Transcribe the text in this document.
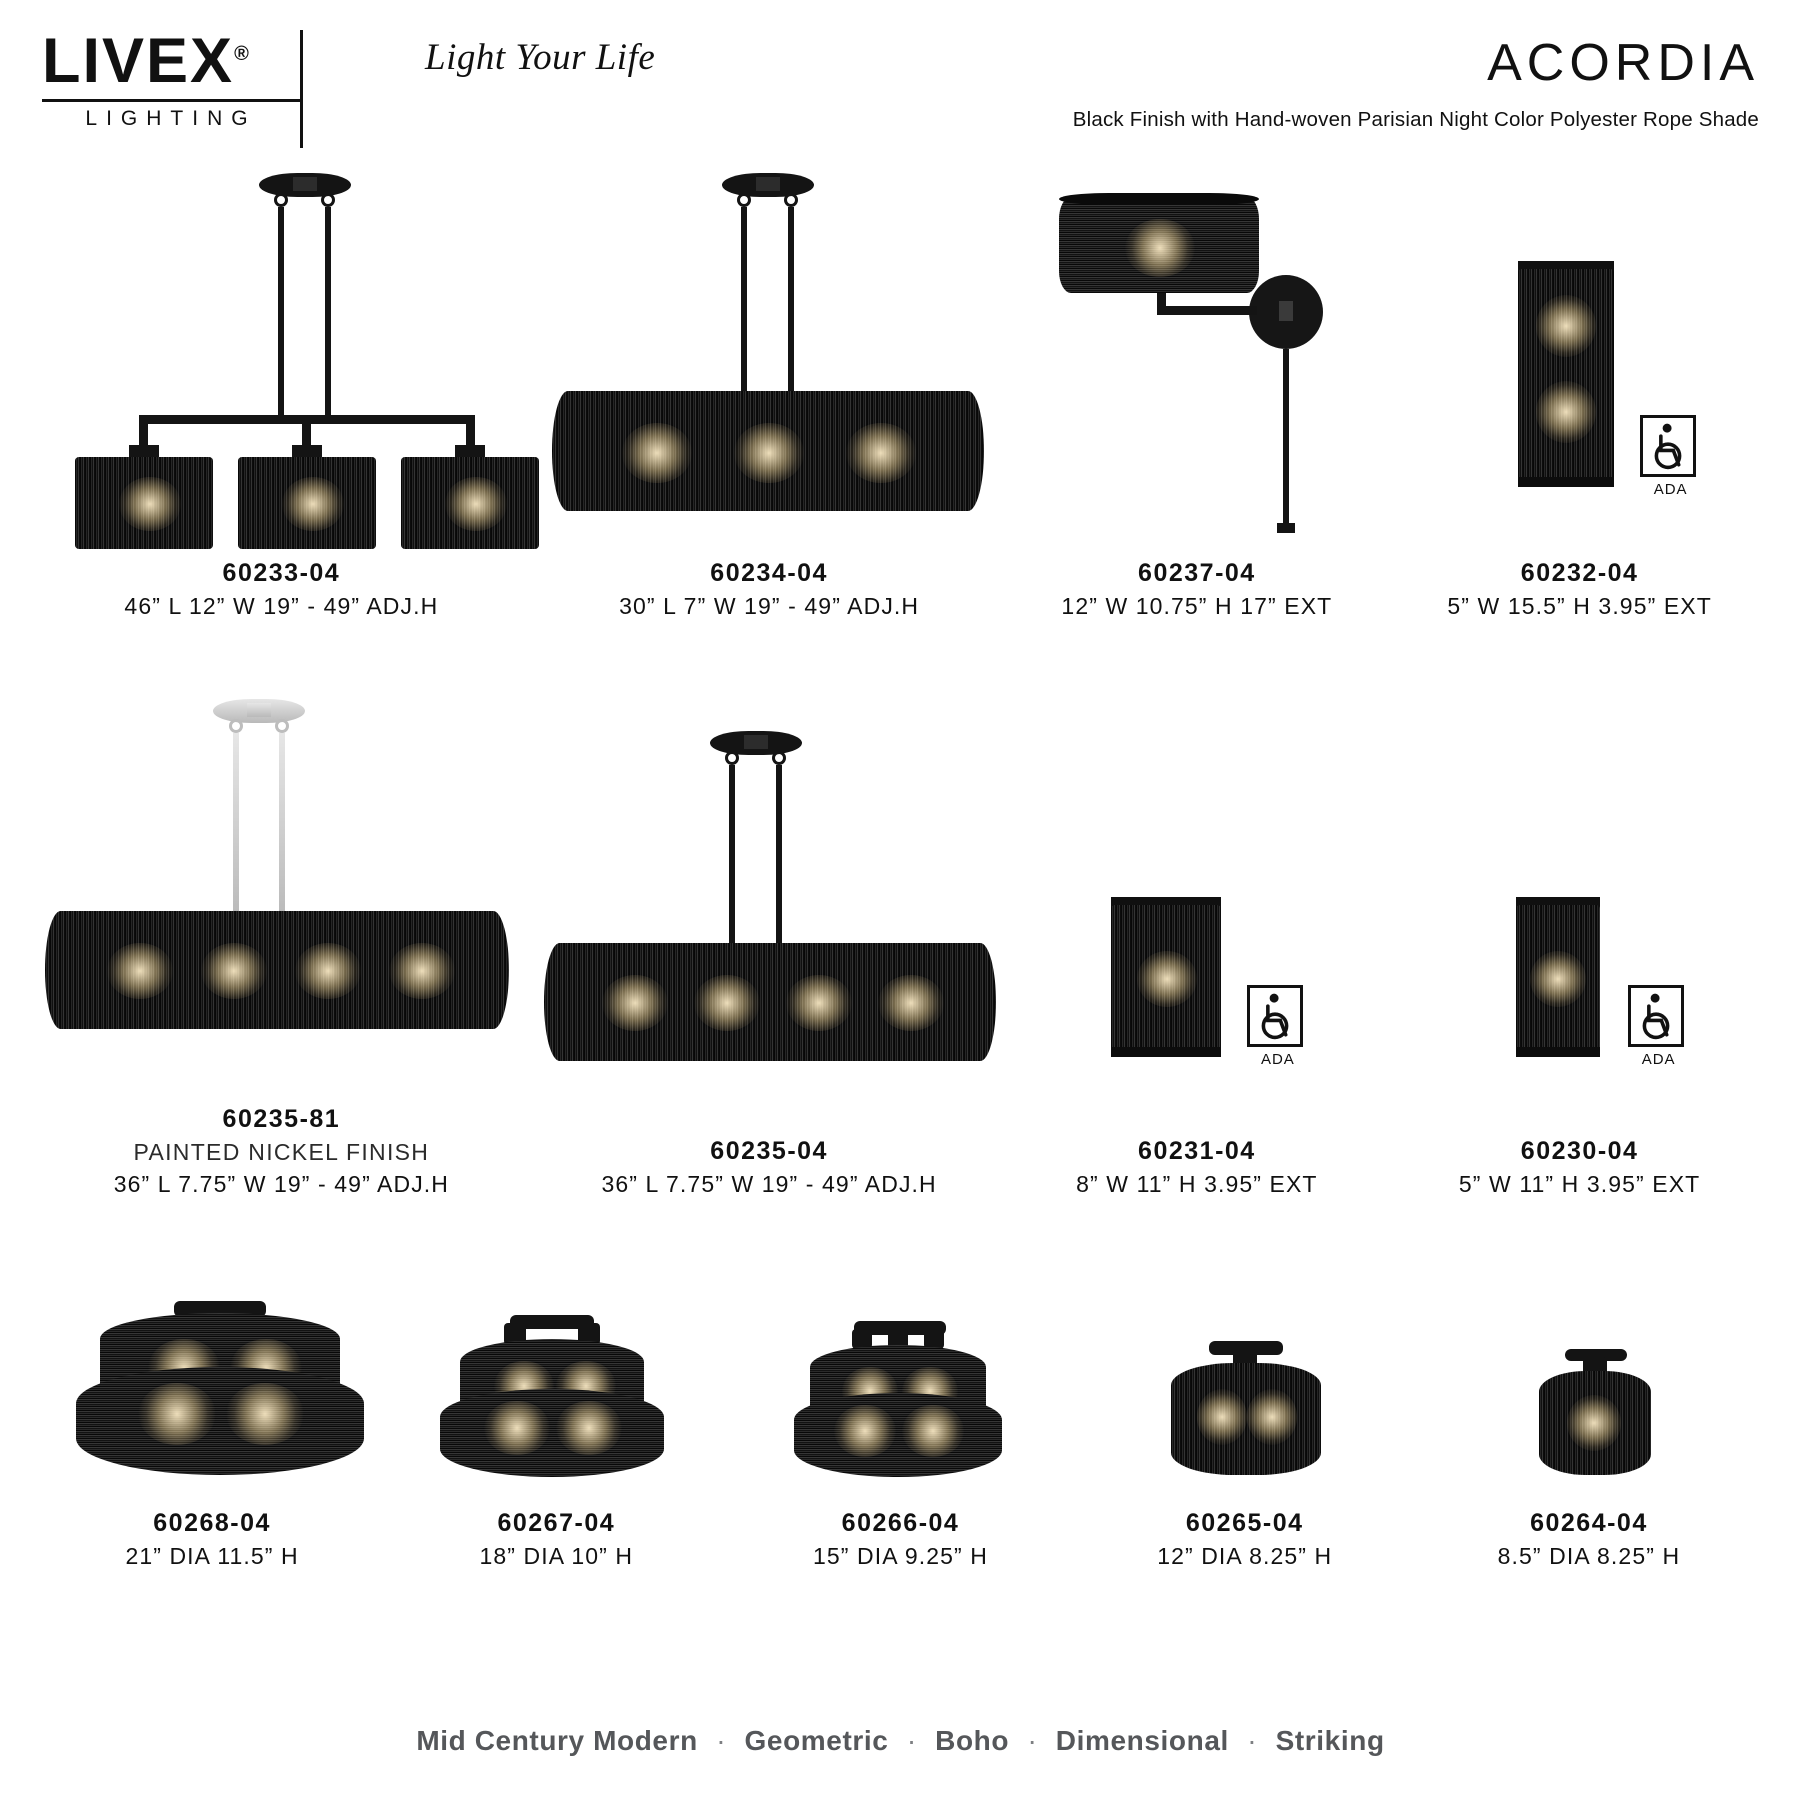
LIVEX®
LIGHTING
Light Your Life	ACORDIA
Black Finish with Hand-woven Parisian Night Color Polyester Rope Shade
60233-04
46” L 12” W 19” - 49” ADJ.H
60234-04
30” L 7” W 19” - 49” ADJ.H
60237-04
12” W 10.75” H 17” EXT
ADA
60232-04
5” W 15.5” H 3.95” EXT
60235-81
PAINTED NICKEL FINISH
36” L 7.75” W 19” - 49” ADJ.H
60235-04
36” L 7.75” W 19” - 49” ADJ.H
ADA
60231-04
8” W 11” H 3.95” EXT
ADA
60230-04
5” W 11” H 3.95” EXT
60268-04
21” DIA 11.5” H
60267-04
18” DIA 10” H
60266-04
15” DIA 9.25” H
60265-04
12” DIA 8.25” H
60264-04
8.5” DIA 8.25” H
Mid Century Modern · Geometric · Boho · Dimensional · Striking
